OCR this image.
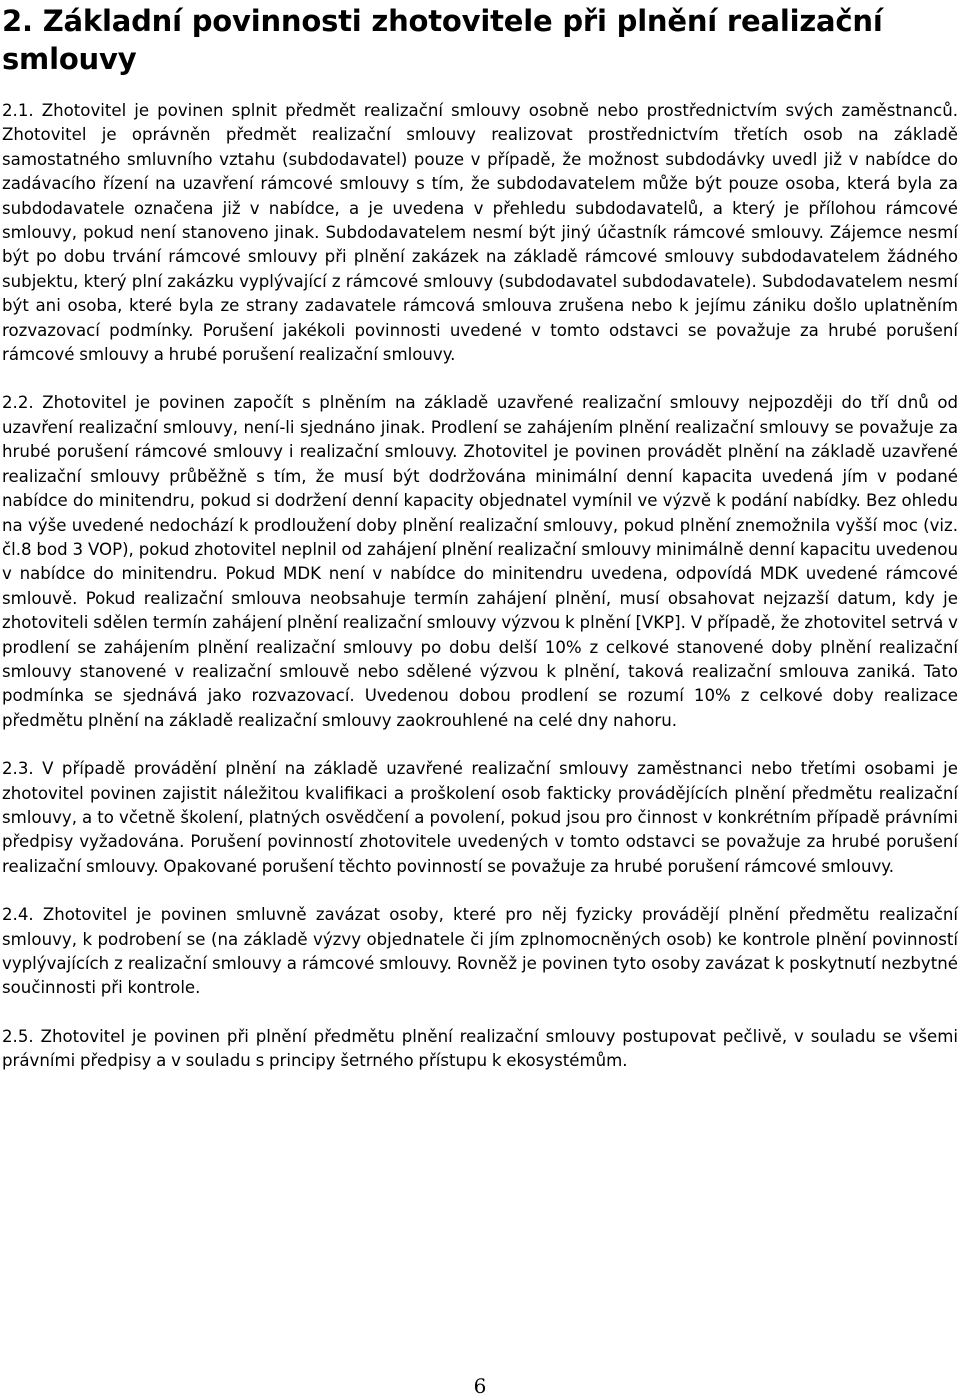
2. Základní povinnosti zhotovitele při plnění realizační smlouvy

2.1. Zhotovitel je povinen splnit předmět realizační smlouvy osobně nebo prostřednictvím svých zaměstnanců. Zhotovitel je oprávněn předmět realizační smlouvy realizovat prostřednictvím třetích osob na základě samostatného smluvního vztahu (subdodavatel) pouze v případě, že možnost subdodávky uvedl již v nabídce do zadávacího řízení na uzavření rámcové smlouvy s tím, že subdodavatelem může být pouze osoba, která byla za subdodavatele označena již v nabídce, a je uvedena v přehledu subdodavatelů, a který je přílohou rámcové smlouvy, pokud není stanoveno jinak. Subdodavatelem nesmí být jiný účastník rámcové smlouvy. Zájemce nesmí být po dobu trvání rámcové smlouvy při plnění zakázek na základě rámcové smlouvy subdodavatelem žádného subjektu, který plní zakázku vyplývající z rámcové smlouvy (subdodavatel subdodavatele). Subdodavatelem nesmí být ani osoba, které byla ze strany zadavatele rámcová smlouva zrušena nebo k jejímu zániku došlo uplatněním rozvazovací podmínky. Porušení jakékoli povinnosti uvedené v tomto odstavci se považuje za hrubé porušení rámcové smlouvy a hrubé porušení realizační smlouvy.

2.2. Zhotovitel je povinen započít s plněním na základě uzavřené realizační smlouvy nejpozději do tří dnů od uzavření realizační smlouvy, není-li sjednáno jinak. Prodlení se zahájením plnění realizační smlouvy se považuje za hrubé porušení rámcové smlouvy i realizační smlouvy. Zhotovitel je povinen provádět plnění na základě uzavřené realizační smlouvy průběžně s tím, že musí být dodržována minimální denní kapacita uvedená jím v podané nabídce do minitendru, pokud si dodržení denní kapacity objednatel vymínil ve výzvě k podání nabídky. Bez ohledu na výše uvedené nedochází k prodloužení doby plnění realizační smlouvy, pokud plnění znemožnila vyšší moc (viz. čl.8 bod 3 VOP), pokud zhotovitel neplnil od zahájení plnění realizační smlouvy minimálně denní kapacitu uvedenou v nabídce do minitendru. Pokud MDK není v nabídce do minitendru uvedena, odpovídá MDK uvedené rámcové smlouvě. Pokud realizační smlouva neobsahuje termín zahájení plnění, musí obsahovat nejzazší datum, kdy je zhotoviteli sdělen termín zahájení plnění realizační smlouvy výzvou k plnění [VKP]. V případě, že zhotovitel setrvá v prodlení se zahájením plnění realizační smlouvy po dobu delší 10% z celkové stanovené doby plnění realizační smlouvy stanovené v realizační smlouvě nebo sdělené výzvou k plnění, taková realizační smlouva zaniká. Tato podmínka se sjednává jako rozvazovací. Uvedenou dobou prodlení se rozumí 10% z celkové doby realizace předmětu plnění na základě realizační smlouvy zaokrouhlené na celé dny nahoru.

2.3. V případě provádění plnění na základě uzavřené realizační smlouvy zaměstnanci nebo třetími osobami je zhotovitel povinen zajistit náležitou kvalifikaci a proškolení osob fakticky provádějících plnění předmětu realizační smlouvy, a to včetně školení, platných osvědčení a povolení, pokud jsou pro činnost v konkrétním případě právními předpisy vyžadována. Porušení povinností zhotovitele uvedených v tomto odstavci se považuje za hrubé porušení realizační smlouvy. Opakované porušení těchto povinností se považuje za hrubé porušení rámcové smlouvy.

2.4. Zhotovitel je povinen smluvně zavázat osoby, které pro něj fyzicky provádějí plnění předmětu realizační smlouvy, k podrobení se (na základě výzvy objednatele či jím zplnomocněných osob) ke kontrole plnění povinností vyplývajících z realizační smlouvy a rámcové smlouvy. Rovněž je povinen tyto osoby zavázat k poskytnutí nezbytné součinnosti při kontrole.

2.5. Zhotovitel je povinen při plnění předmětu plnění realizační smlouvy postupovat pečlivě, v souladu se všemi právními předpisy a v souladu s principy šetrného přístupu k ekosystémům.

6
